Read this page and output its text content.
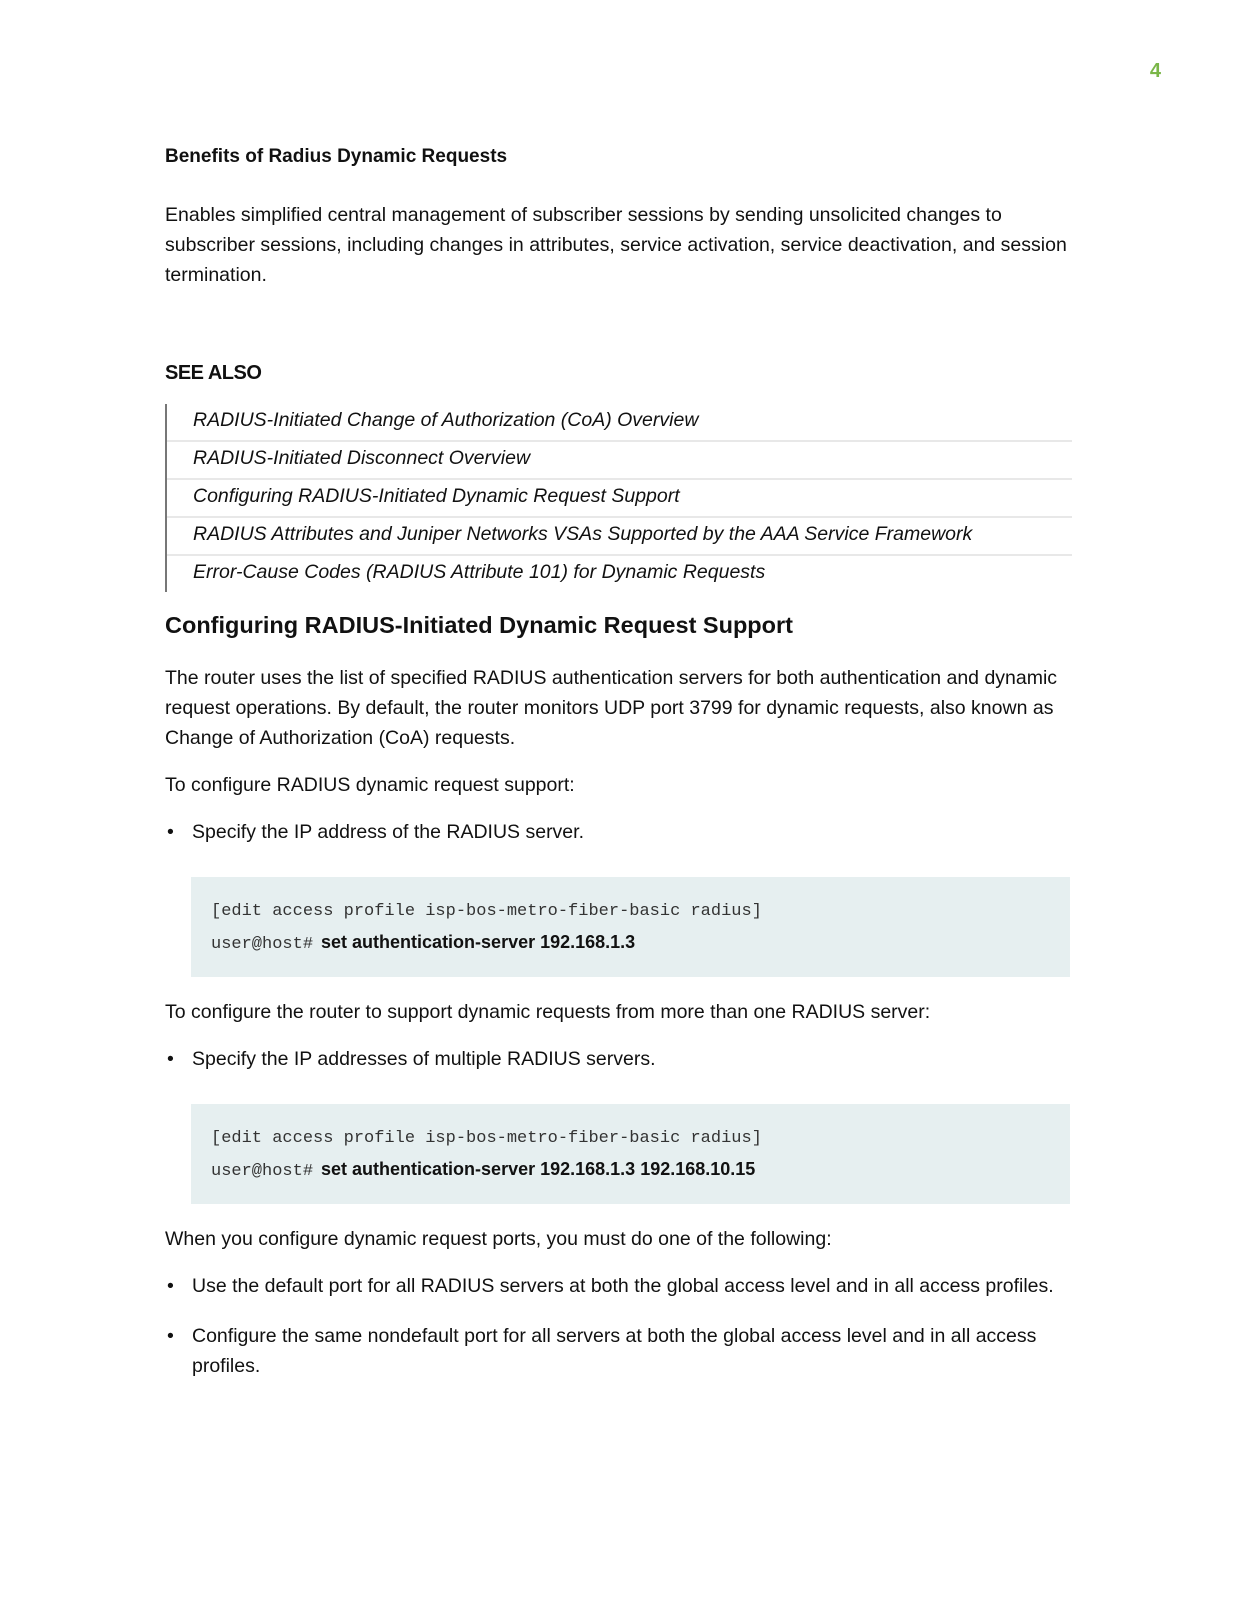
4
Benefits of Radius Dynamic Requests

Enables simplified central management of subscriber sessions by sending unsolicited changes to subscriber sessions, including changes in attributes, service activation, service deactivation, and session termination.

SEE ALSO
RADIUS-Initiated Change of Authorization (CoA) Overview
RADIUS-Initiated Disconnect Overview
Configuring RADIUS-Initiated Dynamic Request Support
RADIUS Attributes and Juniper Networks VSAs Supported by the AAA Service Framework
Error-Cause Codes (RADIUS Attribute 101) for Dynamic Requests
Configuring RADIUS-Initiated Dynamic Request Support

The router uses the list of specified RADIUS authentication servers for both authentication and dynamic request operations. By default, the router monitors UDP port 3799 for dynamic requests, also known as Change of Authorization (CoA) requests.

To configure RADIUS dynamic request support:

• Specify the IP address of the RADIUS server.
[edit access profile isp-bos-metro-fiber-basic radius]
user@host# set authentication-server 192.168.1.3

To configure the router to support dynamic requests from more than one RADIUS server:

• Specify the IP addresses of multiple RADIUS servers.
[edit access profile isp-bos-metro-fiber-basic radius]
user@host# set authentication-server 192.168.1.3 192.168.10.15

When you configure dynamic request ports, you must do one of the following:

• Use the default port for all RADIUS servers at both the global access level and in all access profiles.
• Configure the same nondefault port for all servers at both the global access level and in all access profiles.
